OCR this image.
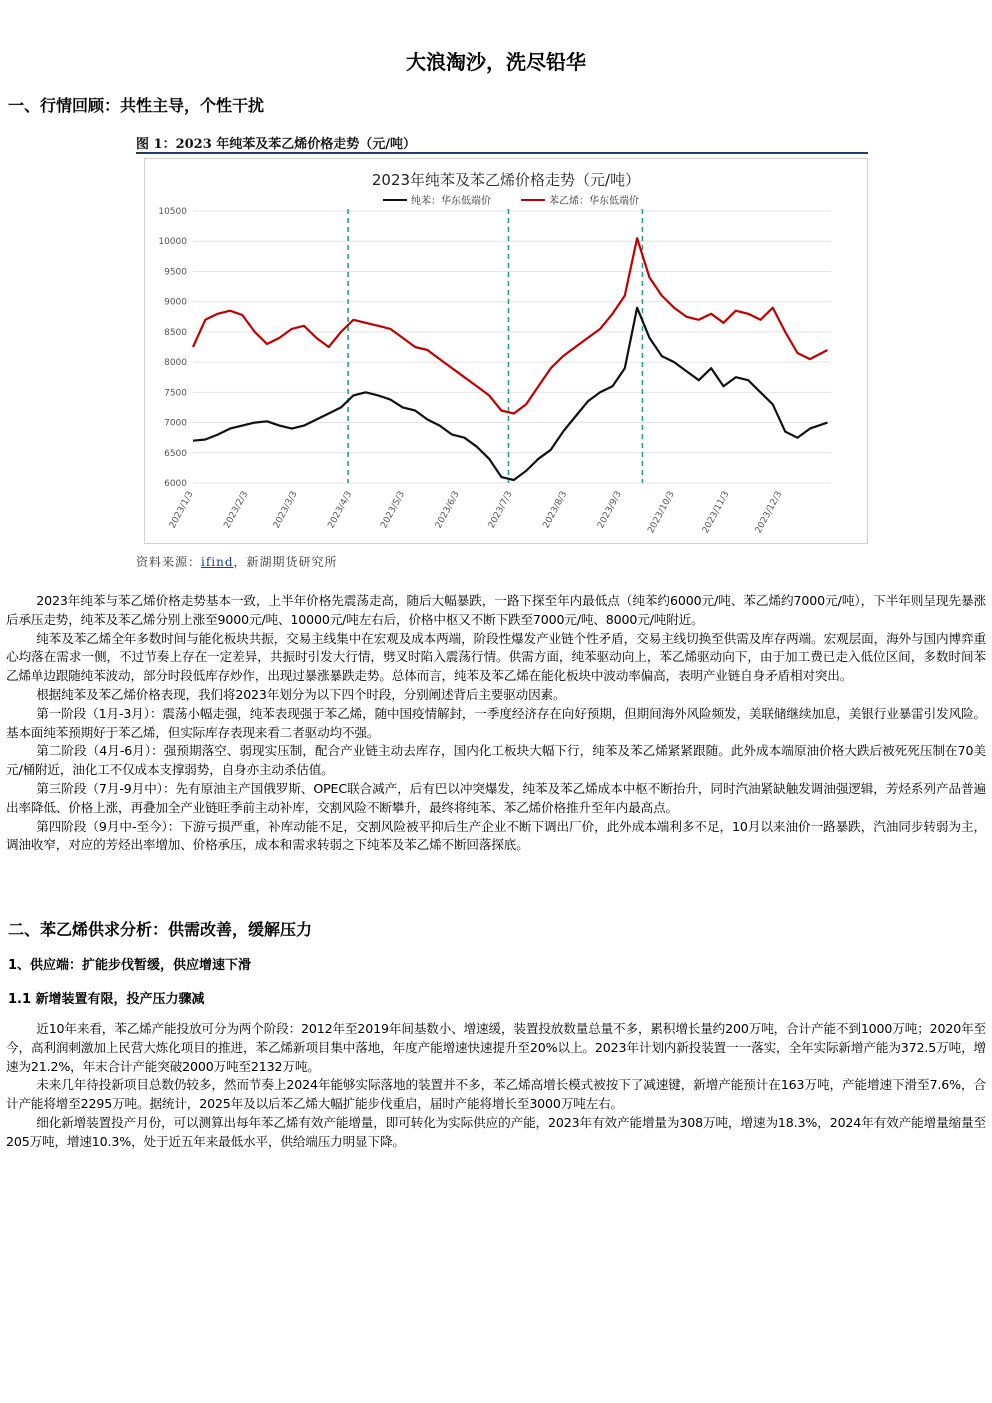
大浪淘沙，洗尽铅华
一、行情回顾：共性主导，个性干扰
图 1：2023 年纯苯及苯乙烯价格走势（元/吨）
2023年纯苯及苯乙烯价格走势（元/吨）
纯苯：华东低端价	苯乙烯：华东低端价
10500
10000
9500
9000
8500
8000
7500
7000
6500
6000
2023/1/3	2023/2/3 2023/3/3	2023/4/3	2023/5/3	2023/6/3	2023/7/3	2023/8/3	2023/9/3 2023/10/3	2023/11/3 2023/12/3
资料来源：ifind，新湖期货研究所

2023年纯苯与苯乙烯价格走势基本一致，上半年价格先震荡走高，随后大幅暴跌，一路下探至年内最低点（纯苯约6000元/吨、苯乙烯约7000元/吨），下半年则呈现先暴涨后承压走势，纯苯及苯乙烯分别上涨至9000元/吨、10000元/吨左右后，价格中枢又不断下跌至7000元/吨、8000元/吨附近。

纯苯及苯乙烯全年多数时间与能化板块共振，交易主线集中在宏观及成本两端，阶段性爆发产业链个性矛盾，交易主线切换至供需及库存两端。宏观层面，海外与国内博弈重心均落在需求一侧，不过节奏上存在一定差异，共振时引发大行情，劈叉时陷入震荡行情。供需方面，纯苯驱动向上，苯乙烯驱动向下，由于加工费已走入低位区间，多数时间苯乙烯单边跟随纯苯波动，部分时段低库存炒作，出现过暴涨暴跌走势。总体而言，纯苯及苯乙烯在能化板块中波动率偏高，表明产业链自身矛盾相对突出。

根据纯苯及苯乙烯价格表现，我们将2023年划分为以下四个时段，分别阐述背后主要驱动因素。

第一阶段（1月-3月）：震荡小幅走强，纯苯表现强于苯乙烯，随中国疫情解封，一季度经济存在向好预期，但期间海外风险频发，美联储继续加息，美银行业暴雷引发风险。基本面纯苯预期好于苯乙烯，但实际库存表现来看二者驱动均不强。

第二阶段（4月-6月）：强预期落空、弱现实压制，配合产业链主动去库存，国内化工板块大幅下行，纯苯及苯乙烯紧紧跟随。此外成本端原油价格大跌后被死死压制在70美元/桶附近，油化工不仅成本支撑弱势，自身亦主动杀估值。

第三阶段（7月-9月中）：先有原油主产国俄罗斯、OPEC联合减产，后有巴以冲突爆发，纯苯及苯乙烯成本中枢不断抬升，同时汽油紧缺触发调油强逻辑，芳烃系列产品普遍出率降低、价格上涨，再叠加全产业链旺季前主动补库，交割风险不断攀升，最终将纯苯、苯乙烯价格推升至年内最高点。

第四阶段（9月中-至今）：下游亏损严重，补库动能不足，交割风险被平抑后生产企业不断下调出厂价，此外成本端利多不足，10月以来油价一路暴跌，汽油同步转弱为主，调油收窄，对应的芳烃出率增加、价格承压，成本和需求转弱之下纯苯及苯乙烯不断回落探底。

二、苯乙烯供求分析：供需改善，缓解压力
1、供应端：扩能步伐暂缓，供应增速下滑
1.1 新增装置有限，投产压力骤减

近10年来看，苯乙烯产能投放可分为两个阶段：2012年至2019年间基数小、增速缓，装置投放数量总量不多，累积增长量约200万吨，合计产能不到1000万吨；2020年至今，高利润刺激加上民营大炼化项目的推进，苯乙烯新项目集中落地，年度产能增速快速提升至20%以上。2023年计划内新投装置一一落实，全年实际新增产能为372.5万吨，增速为21.2%，年末合计产能突破2000万吨至2132万吨。

未来几年待投新项目总数仍较多，然而节奏上2024年能够实际落地的装置并不多，苯乙烯高增长模式被按下了减速键，新增产能预计在163万吨，产能增速下滑至7.6%，合计产能将增至2295万吨。据统计，2025年及以后苯乙烯大幅扩能步伐重启，届时产能将增长至3000万吨左右。

细化新增装置投产月份，可以测算出每年苯乙烯有效产能增量，即可转化为实际供应的产能，2023年有效产能增量为308万吨，增速为18.3%，2024年有效产能增量缩量至205万吨，增速10.3%，处于近五年来最低水平，供给端压力明显下降。
